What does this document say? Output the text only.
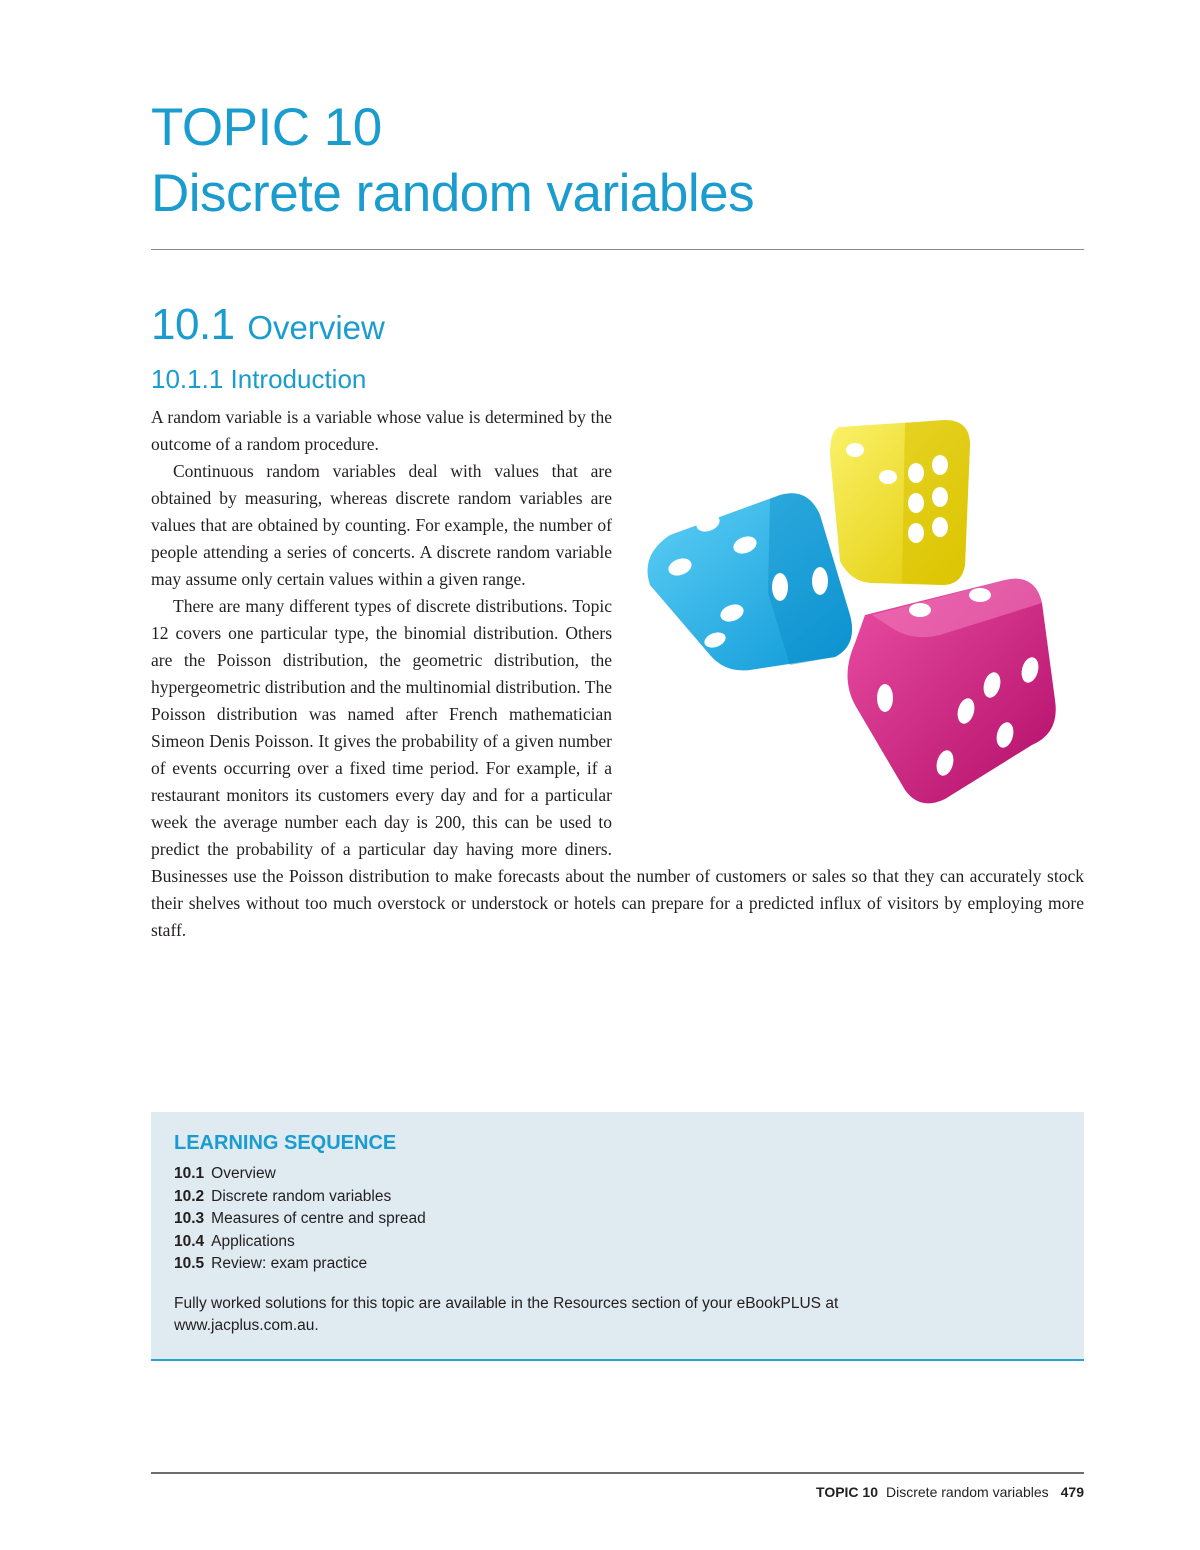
TOPIC 10
Discrete random variables
10.1 Overview
10.1.1 Introduction

A random variable is a variable whose value is determined by the outcome of a random procedure.

Continuous random variables deal with values that are obtained by measuring, whereas discrete random variables are values that are obtained by counting. For example, the number of people attending a series of concerts. A discrete random variable may assume only certain values within a given range.

There are many different types of discrete distributions. Topic 12 covers one particular type, the binomial distribution. Others are the Poisson distribution, the geometric distribution, the hypergeometric distribution and the multinomial distribution. The Poisson distribution was named after French mathematician Simeon Denis Poisson. It gives the probability of a given number of events occurring over a fixed time period. For example, if a restaurant monitors its customers every day and for a particular week the average number each day is 200, this can be used to predict the probability of a particular day having more diners. Businesses use the Poisson distribution to make forecasts about the number of customers or sales so that they can accurately stock their shelves without too much overstock or understock or hotels can prepare for a predicted influx of visitors by employing more staff.

LEARNING SEQUENCE
10.1 Overview
10.2 Discrete random variables
10.3 Measures of centre and spread
10.4 Applications
10.5 Review: exam practice

Fully worked solutions for this topic are available in the Resources section of your eBookPLUS at www.jacplus.com.au.

TOPIC 10 Discrete random variables 479
